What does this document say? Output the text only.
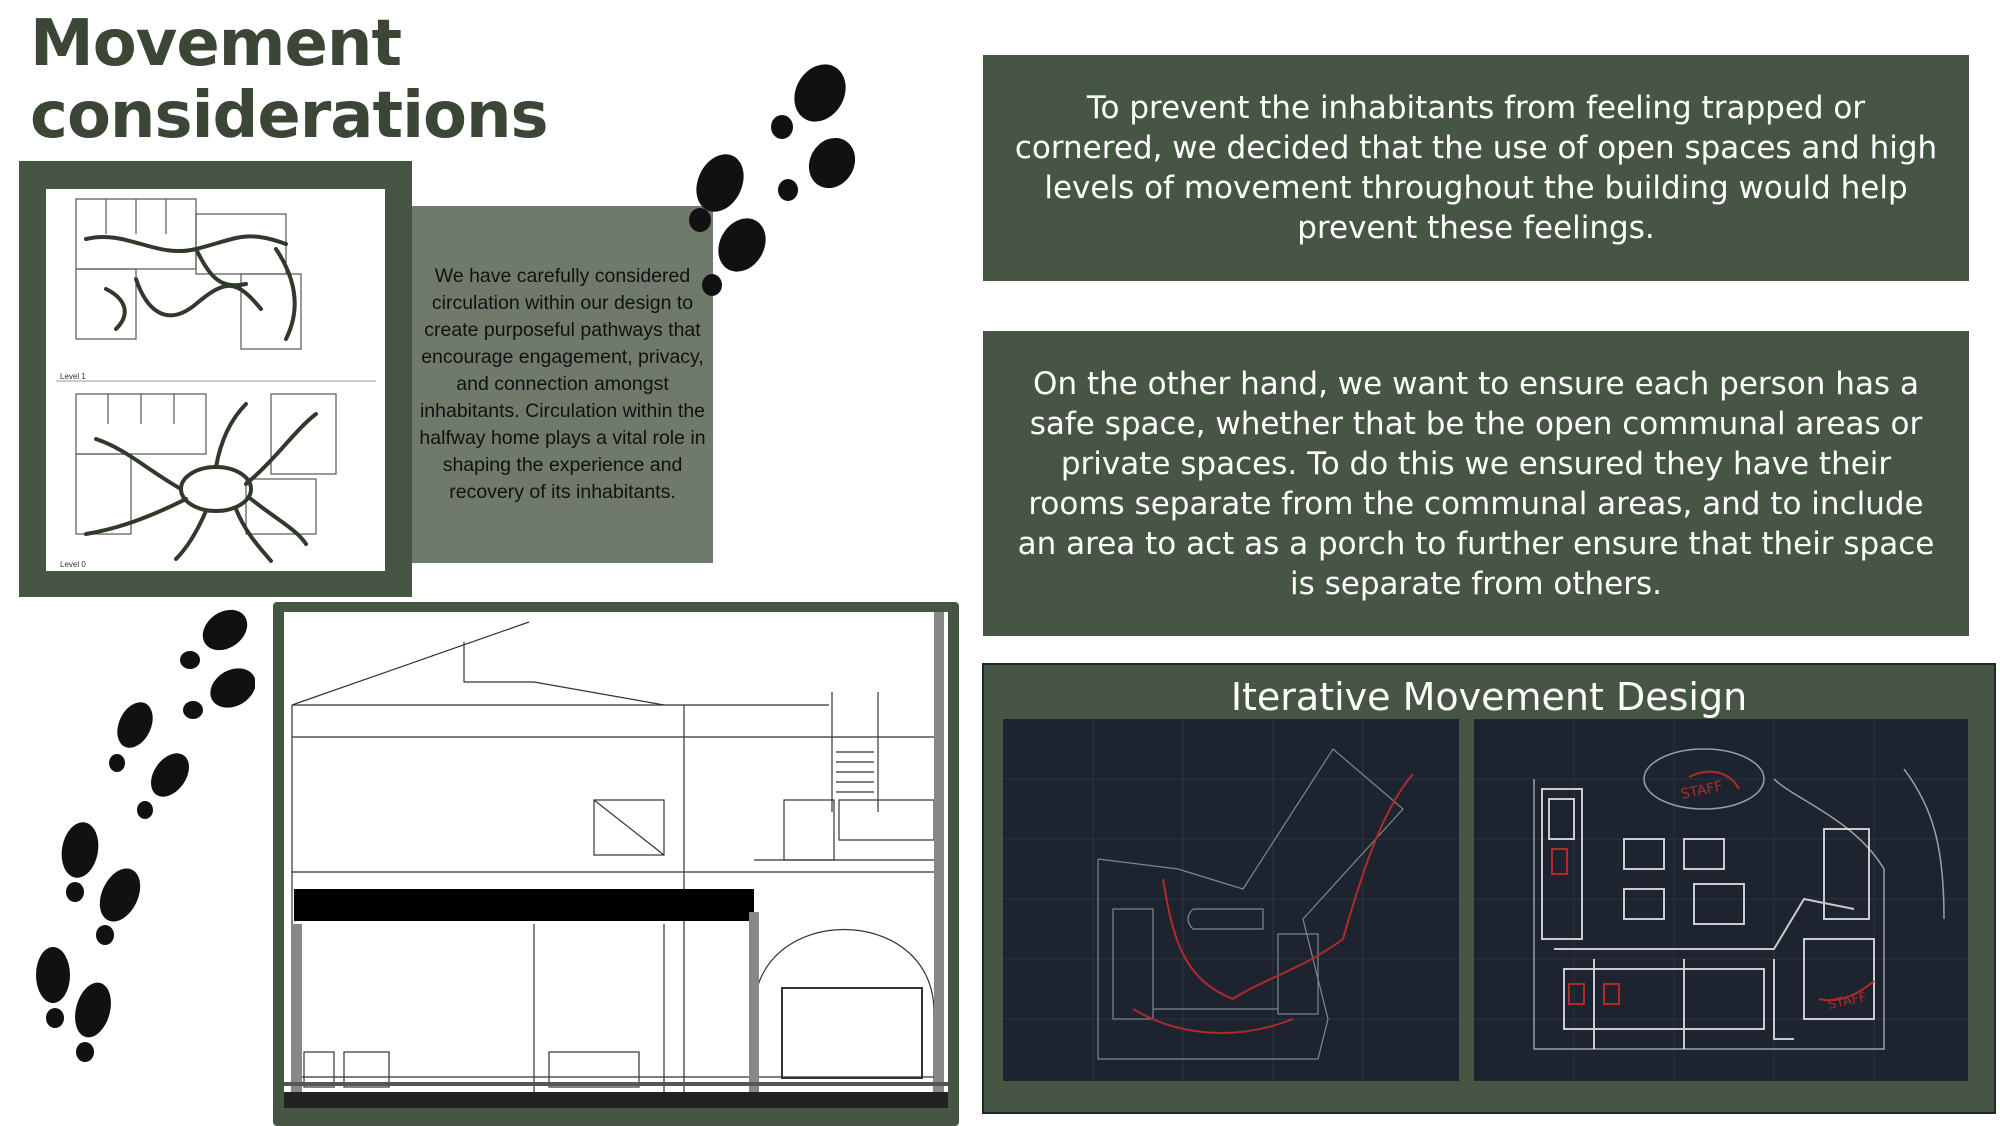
Movement
considerations
Level 1
Level 0
We have carefully considered circulation within our design to create purposeful pathways that encourage engagement, privacy, and connection amongst inhabitants. Circulation within the halfway home plays a vital role in shaping the experience and recovery of its inhabitants.
To prevent the inhabitants from feeling trapped or cornered, we decided that the use of open spaces and high levels of movement throughout the building would help prevent these feelings.
On the other hand, we want to ensure each person has a safe space, whether that be the open communal areas or private spaces. To do this we ensured they have their rooms separate from the communal areas, and to include an area to act as a porch to further ensure that their space is separate from others.
Iterative Movement Design
STAFF
STAFF
